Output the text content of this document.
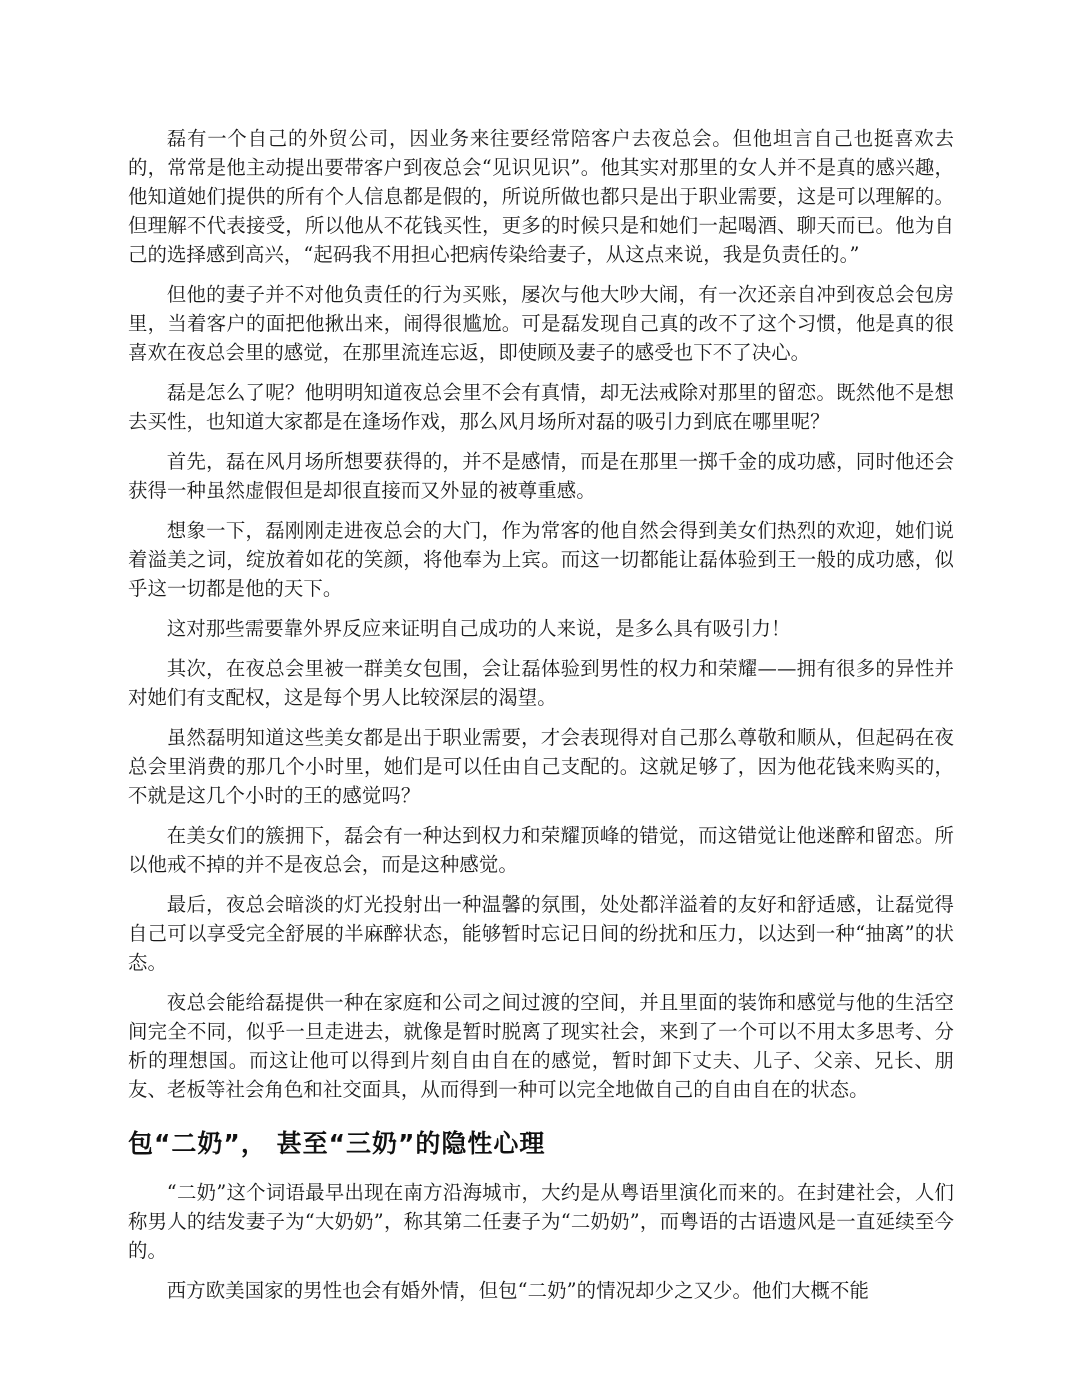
磊有一个自己的外贸公司，因业务来往要经常陪客户去夜总会。但他坦言自己也挺喜欢去的，常常是他主动提出要带客户到夜总会“见识见识”。他其实对那里的女人并不是真的感兴趣，他知道她们提供的所有个人信息都是假的，所说所做也都只是出于职业需要，这是可以理解的。但理解不代表接受，所以他从不花钱买性，更多的时候只是和她们一起喝酒、聊天而已。他为自己的选择感到高兴，“起码我不用担心把病传染给妻子，从这点来说，我是负责任的。”

但他的妻子并不对他负责任的行为买账，屡次与他大吵大闹，有一次还亲自冲到夜总会包房里，当着客户的面把他揪出来，闹得很尴尬。可是磊发现自己真的改不了这个习惯，他是真的很喜欢在夜总会里的感觉，在那里流连忘返，即使顾及妻子的感受也下不了决心。

磊是怎么了呢？他明明知道夜总会里不会有真情，却无法戒除对那里的留恋。既然他不是想去买性，也知道大家都是在逢场作戏，那么风月场所对磊的吸引力到底在哪里呢？

首先，磊在风月场所想要获得的，并不是感情，而是在那里一掷千金的成功感，同时他还会获得一种虽然虚假但是却很直接而又外显的被尊重感。

想象一下，磊刚刚走进夜总会的大门，作为常客的他自然会得到美女们热烈的欢迎，她们说着溢美之词，绽放着如花的笑颜，将他奉为上宾。而这一切都能让磊体验到王一般的成功感，似乎这一切都是他的天下。

这对那些需要靠外界反应来证明自己成功的人来说，是多么具有吸引力！

其次，在夜总会里被一群美女包围，会让磊体验到男性的权力和荣耀——拥有很多的异性并对她们有支配权，这是每个男人比较深层的渴望。

虽然磊明知道这些美女都是出于职业需要，才会表现得对自己那么尊敬和顺从，但起码在夜总会里消费的那几个小时里，她们是可以任由自己支配的。这就足够了，因为他花钱来购买的，不就是这几个小时的王的感觉吗？

在美女们的簇拥下，磊会有一种达到权力和荣耀顶峰的错觉，而这错觉让他迷醉和留恋。所以他戒不掉的并不是夜总会，而是这种感觉。

最后，夜总会暗淡的灯光投射出一种温馨的氛围，处处都洋溢着的友好和舒适感，让磊觉得自己可以享受完全舒展的半麻醉状态，能够暂时忘记日间的纷扰和压力，以达到一种“抽离”的状态。

夜总会能给磊提供一种在家庭和公司之间过渡的空间，并且里面的装饰和感觉与他的生活空间完全不同，似乎一旦走进去，就像是暂时脱离了现实社会，来到了一个可以不用太多思考、分析的理想国。而这让他可以得到片刻自由自在的感觉，暂时卸下丈夫、儿子、父亲、兄长、朋友、老板等社会角色和社交面具，从而得到一种可以完全地做自己的自由自在的状态。

包“二奶”， 甚至“三奶”的隐性心理

“二奶”这个词语最早出现在南方沿海城市，大约是从粤语里演化而来的。在封建社会，人们称男人的结发妻子为“大奶奶”，称其第二任妻子为“二奶奶”，而粤语的古语遗风是一直延续至今的。

西方欧美国家的男性也会有婚外情，但包“二奶”的情况却少之又少。他们大概不能
